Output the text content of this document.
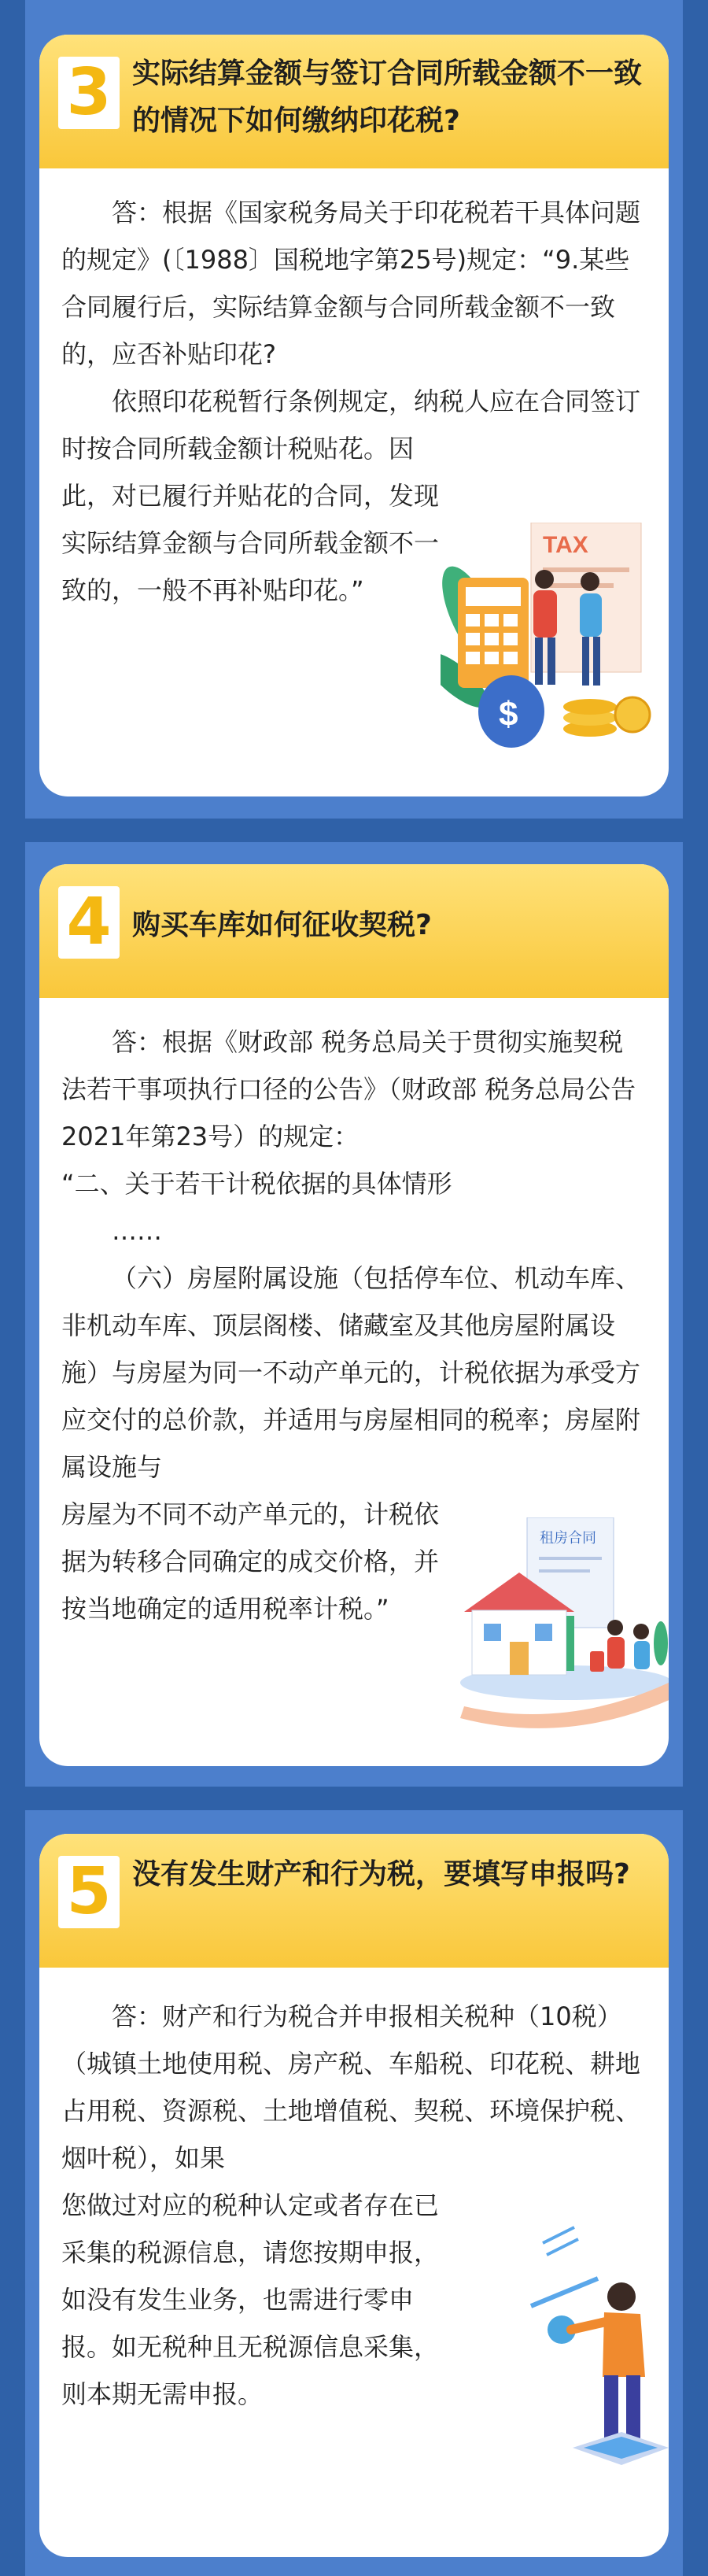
3 实际结算金额与签订合同所载金额不一致的情况下如何缴纳印花税?

答：根据《国家税务局关于印花税若干具体问题的规定》(〔1988〕国税地字第25号)规定：“9.某些合同履行后，实际结算金额与合同所载金额不一致的，应否补贴印花?

依照印花税暂行条例规定，纳税人应在合同签订时按合同所载金额计税贴花。因

此，对已履行并贴花的合同，发现实际结算金额与合同所载金额不一致的，一般不再补贴印花。”

TAX
$
4 购买车库如何征收契税?

答：根据《财政部 税务总局关于贯彻实施契税法若干事项执行口径的公告》（财政部 税务总局公告2021年第23号）的规定：

“二、关于若干计税依据的具体情形

……

（六）房屋附属设施（包括停车位、机动车库、非机动车库、顶层阁楼、储藏室及其他房屋附属设施）与房屋为同一不动产单元的，计税依据为承受方应交付的总价款，并适用与房屋相同的税率；房屋附属设施与

房屋为不同不动产单元的，计税依据为转移合同确定的成交价格，并按当地确定的适用税率计税。”

租房合同
5 没有发生财产和行为税，要填写申报吗?

答：财产和行为税合并申报相关税种（10税）（城镇土地使用税、房产税、车船税、印花税、耕地占用税、资源税、土地增值税、契税、环境保护税、烟叶税），如果

您做过对应的税种认定或者存在已采集的税源信息，请您按期申报，如没有发生业务，也需进行零申报。如无税种且无税源信息采集，则本期无需申报。
